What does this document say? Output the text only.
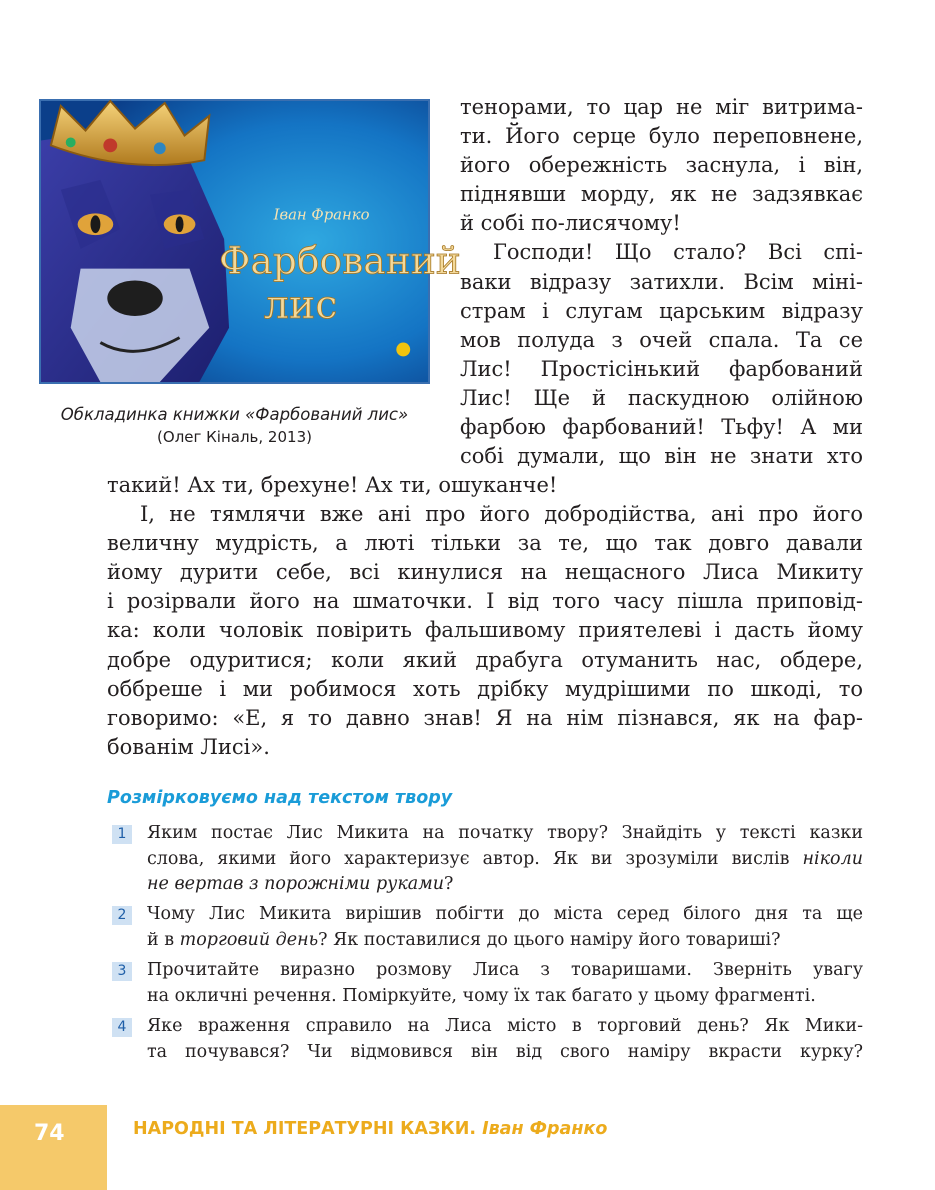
Іван Франко
Фарбований
лис
Обкладинка книжки «Фарбований лис»
(Олег Кіналь, 2013)
тенорами, то цар не міг витрима-
ти. Його серце було переповнене,
його обережність заснула, і він,
піднявши морду, як не задзявкає
й собі по-лисячому!
Господи! Що стало? Всі спі-
ваки відразу затихли. Всім міні-
страм і слугам царським відразу
мов полуда з очей спала. Та се
Лис! Простісінький фарбований
Лис! Ще й паскудною олійною
фарбою фарбований! Тьфу! А ми
собі думали, що він не знати хто
такий! Ах ти, брехуне! Ах ти, ошуканче!
І, не тямлячи вже ані про його добродійства, ані про його
величну мудрість, а люті тільки за те, що так довго давали
йому дурити себе, всі кинулися на нещасного Лиса Микиту
і розірвали його на шматочки. І від того часу пішла приповід-
ка: коли чоловік повірить фальшивому приятелеві і дасть йому
добре одуритися; коли який драбуга отуманить нас, обдере,
оббреше і ми робимося хоть дрібку мудрішими по шкоді, то
говоримо: «Е, я то давно знав! Я на нім пізнався, як на фар-
бованім Лисі».
Розмірковуємо над текстом твору
1	Яким постає Лис Микита на початку твору? Знайдіть у тексті казки
слова, якими його характеризує автор. Як ви зрозуміли вислів ніколи
не вертав з порожніми руками?
2	Чому Лис Микита вирішив побігти до міста серед білого дня та ще
й в торговий день? Як поставилися до цього наміру його товариші?
3	Прочитайте виразно розмову Лиса з товаришами. Зверніть увагу
на окличні речення. Поміркуйте, чому їх так багато у цьому фрагменті.
4	Яке враження справило на Лиса місто в торговий день? Як Мики-
та почувався? Чи відмовився він від свого наміру вкрасти курку?
74	НАРОДНІ ТА ЛІТЕРАТУРНІ КАЗКИ. Іван Франко
